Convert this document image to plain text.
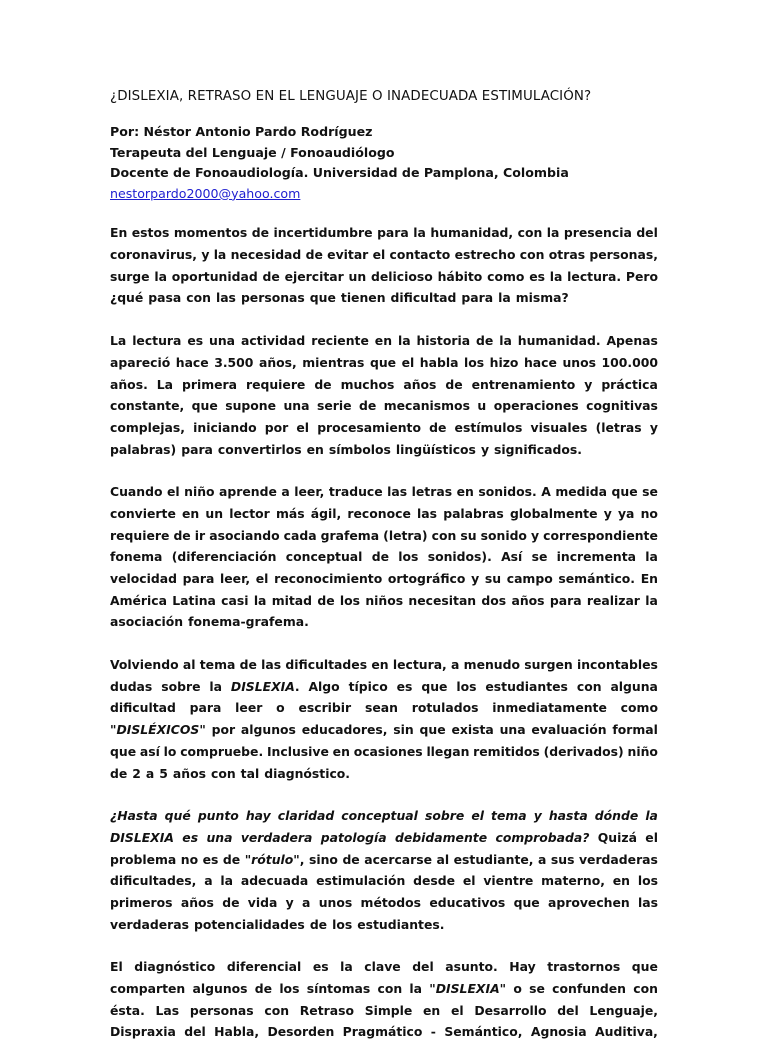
¿DISLEXIA, RETRASO EN EL LENGUAJE O INADECUADA ESTIMULACIÓN?
Por: Néstor Antonio Pardo Rodríguez
Terapeuta del Lenguaje / Fonoaudiólogo
Docente de Fonoaudiología. Universidad de Pamplona, Colombia
nestorpardo2000@yahoo.com
En estos momentos de incertidumbre para la humanidad, con la presencia del
coronavirus, y la necesidad de evitar el contacto estrecho con otras personas,
surge la oportunidad de ejercitar un delicioso hábito como es la lectura. Pero
¿qué pasa con las personas que tienen dificultad para la misma?
La lectura es una actividad reciente en la historia de la humanidad. Apenas
apareció hace 3.500 años, mientras que el habla los hizo hace unos 100.000
años. La primera requiere de muchos años de entrenamiento y práctica
constante, que supone una serie de mecanismos u operaciones cognitivas
complejas, iniciando por el procesamiento de estímulos visuales (letras y
palabras) para convertirlos en símbolos lingüísticos y significados.
Cuando el niño aprende a leer, traduce las letras en sonidos. A medida que se
convierte en un lector más ágil, reconoce las palabras globalmente y ya no
requiere de ir asociando cada grafema (letra) con su sonido y correspondiente
fonema (diferenciación conceptual de los sonidos). Así se incrementa la
velocidad para leer, el reconocimiento ortográfico y su campo semántico. En
América Latina casi la mitad de los niños necesitan dos años para realizar la
asociación fonema-grafema.
Volviendo al tema de las dificultades en lectura, a menudo surgen incontables
dudas sobre la DISLEXIA. Algo típico es que los estudiantes con alguna
dificultad para leer o escribir sean rotulados inmediatamente como
"DISLÉXICOS" por algunos educadores, sin que exista una evaluación formal
que así lo compruebe. Inclusive en ocasiones llegan remitidos (derivados) niño
de 2 a 5 años con tal diagnóstico.
¿Hasta qué punto hay claridad conceptual sobre el tema y hasta dónde la
DISLEXIA es una verdadera patología debidamente comprobada? Quizá el
problema no es de "rótulo", sino de acercarse al estudiante, a sus verdaderas
dificultades, a la adecuada estimulación desde el vientre materno, en los
primeros años de vida y a unos métodos educativos que aprovechen las
verdaderas potencialidades de los estudiantes.
El diagnóstico diferencial es la clave del asunto. Hay trastornos que
comparten algunos de los síntomas con la "DISLEXIA" o se confunden con
ésta. Las personas con Retraso Simple en el Desarrollo del Lenguaje,
Dispraxia del Habla, Desorden Pragmático - Semántico, Agnosia Auditiva,
